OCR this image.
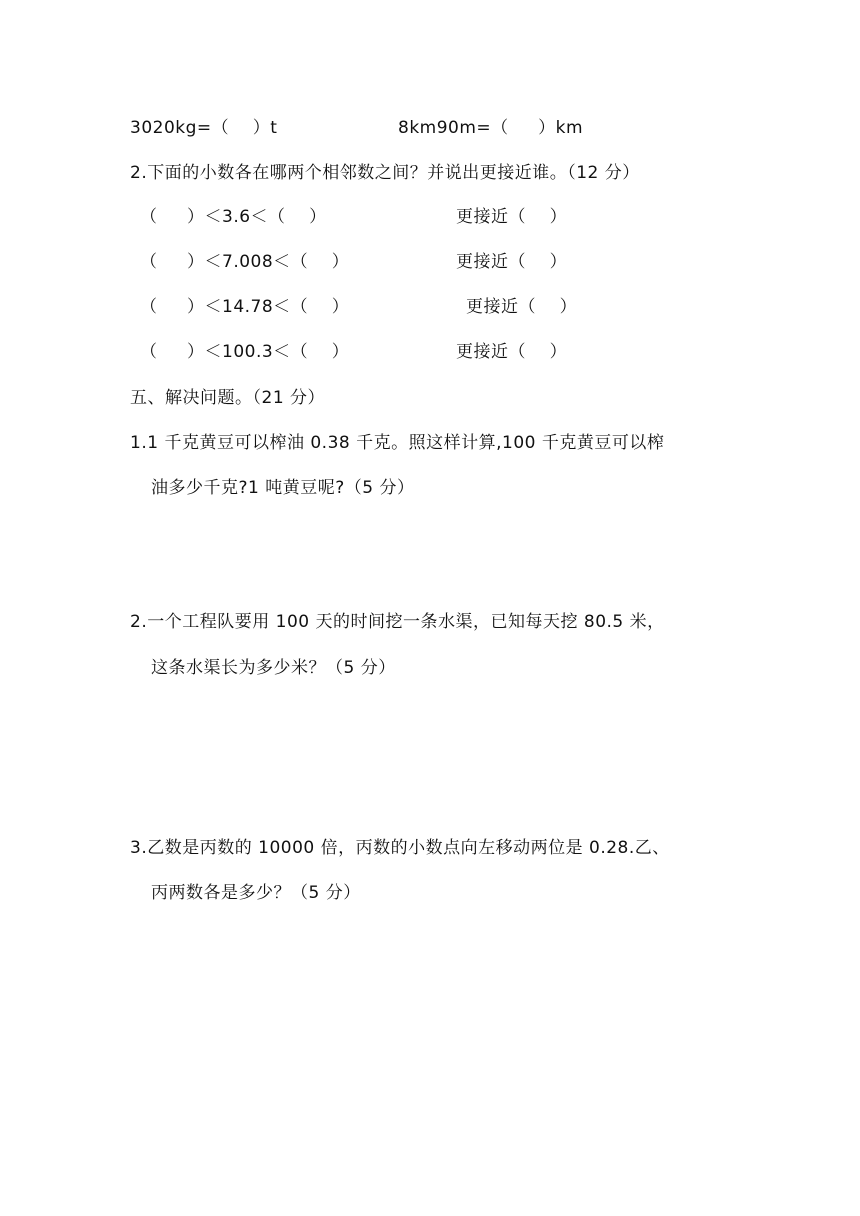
3020kg=（    ）t	8km90m=（     ）km
2.下面的小数各在哪两个相邻数之间？并说出更接近谁。（12 分）
（     ）＜3.6＜（    ）	更接近（    ）
（     ）＜7.008＜（    ）	更接近（    ）
（     ）＜14.78＜（    ）	更接近（    ）
（     ）＜100.3＜（    ）	更接近（    ）
五、解决问题。（21 分）
1.1 千克黄豆可以榨油 0.38 千克。照这样计算,100 千克黄豆可以榨
油多少千克?1 吨黄豆呢?（5 分）
2.一个工程队要用 100 天的时间挖一条水渠，已知每天挖 80.5 米，
这条水渠长为多少米？（5 分）
3.乙数是丙数的 10000 倍，丙数的小数点向左移动两位是 0.28.乙、
丙两数各是多少？（5 分）
